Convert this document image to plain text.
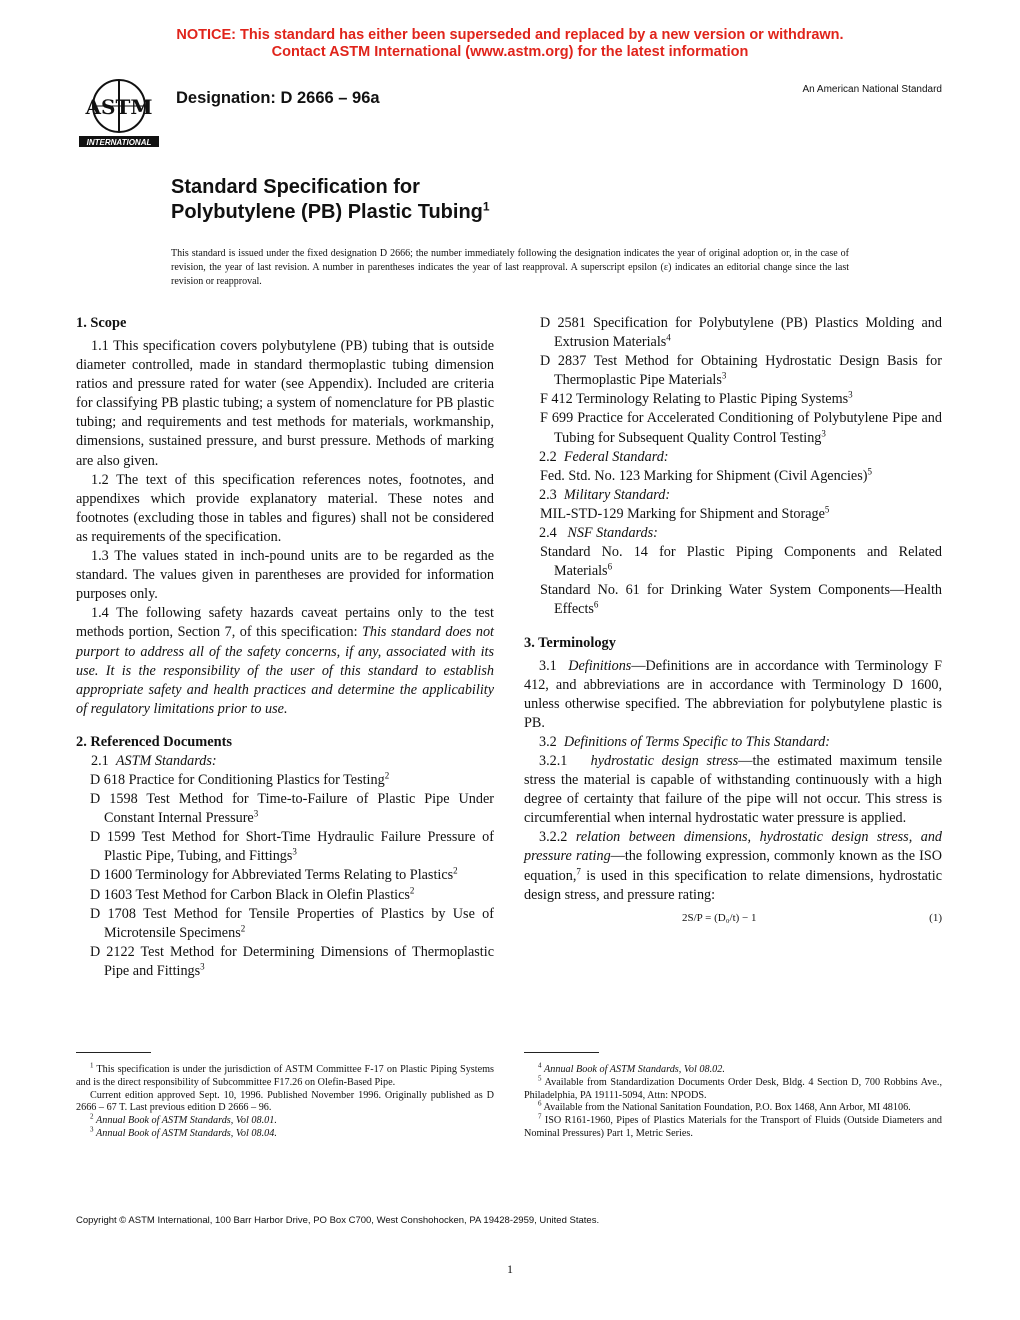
NOTICE: This standard has either been superseded and replaced by a new version or withdrawn.
Contact ASTM International (www.astm.org) for the latest information
ASTM
INTERNATIONAL
Designation: D 2666 – 96a	An American National Standard
Standard Specification for
Polybutylene (PB) Plastic Tubing$^1$
This standard is issued under the fixed designation D 2666; the number immediately following the designation indicates the year of original adoption or, in the case of revision, the year of last revision. A number in parentheses indicates the year of last reapproval. A superscript epsilon (ε) indicates an editorial change since the last revision or reapproval.
1. Scope

1.1 This specification covers polybutylene (PB) tubing that is outside diameter controlled, made in standard thermoplastic tubing dimension ratios and pressure rated for water (see Appendix). Included are criteria for classifying PB plastic tubing; a system of nomenclature for PB plastic tubing; and requirements and test methods for materials, workmanship, dimensions, sustained pressure, and burst pressure. Methods of marking are also given.

1.2 The text of this specification references notes, footnotes, and appendixes which provide explanatory material. These notes and footnotes (excluding those in tables and figures) shall not be considered as requirements of the specification.

1.3 The values stated in inch-pound units are to be regarded as the standard. The values given in parentheses are provided for information purposes only.

1.4 The following safety hazards caveat pertains only to the test methods portion, Section 7, of this specification: This standard does not purport to address all of the safety concerns, if any, associated with its use. It is the responsibility of the user of this standard to establish appropriate safety and health practices and determine the applicability of regulatory limitations prior to use.

2. Referenced Documents

2.1 ASTM Standards:

D 618 Practice for Conditioning Plastics for Testing$^2$

D 1598 Test Method for Time-to-Failure of Plastic Pipe Under Constant Internal Pressure$^3$

D 1599 Test Method for Short-Time Hydraulic Failure Pressure of Plastic Pipe, Tubing, and Fittings$^3$

D 1600 Terminology for Abbreviated Terms Relating to Plastics$^2$

D 1603 Test Method for Carbon Black in Olefin Plastics$^2$

D 1708 Test Method for Tensile Properties of Plastics by Use of Microtensile Specimens$^2$

D 2122 Test Method for Determining Dimensions of Thermoplastic Pipe and Fittings$^3$

D 2581 Specification for Polybutylene (PB) Plastics Molding and Extrusion Materials$^4$

D 2837 Test Method for Obtaining Hydrostatic Design Basis for Thermoplastic Pipe Materials$^3$

F 412 Terminology Relating to Plastic Piping Systems$^3$

F 699 Practice for Accelerated Conditioning of Polybutylene Pipe and Tubing for Subsequent Quality Control Testing$^3$

2.2 Federal Standard:

Fed. Std. No. 123 Marking for Shipment (Civil Agencies)$^5$

2.3 Military Standard:

MIL-STD-129 Marking for Shipment and Storage$^5$

2.4 NSF Standards:

Standard No. 14 for Plastic Piping Components and Related Materials$^6$

Standard No. 61 for Drinking Water System Components—Health Effects$^6$

3. Terminology

3.1 Definitions—Definitions are in accordance with Terminology F 412, and abbreviations are in accordance with Terminology D 1600, unless otherwise specified. The abbreviation for polybutylene plastic is PB.

3.2 Definitions of Terms Specific to This Standard:

3.2.1 hydrostatic design stress—the estimated maximum tensile stress the material is capable of withstanding continuously with a high degree of certainty that failure of the pipe will not occur. This stress is circumferential when internal hydrostatic water pressure is applied.

3.2.2 relation between dimensions, hydrostatic design stress, and pressure rating—the following expression, commonly known as the ISO equation,$^7$ is used in this specification to relate dimensions, hydrostatic design stress, and pressure rating:

2S/P = (D₀/t) − 1	(1)

$^1$ This specification is under the jurisdiction of ASTM Committee F-17 on Plastic Piping Systems and is the direct responsibility of Subcommittee F17.26 on Olefin-Based Pipe.

Current edition approved Sept. 10, 1996. Published November 1996. Originally published as D 2666 – 67 T. Last previous edition D 2666 – 96.

$^2$ Annual Book of ASTM Standards, Vol 08.01.

$^3$ Annual Book of ASTM Standards, Vol 08.04.

$^4$ Annual Book of ASTM Standards, Vol 08.02.

$^5$ Available from Standardization Documents Order Desk, Bldg. 4 Section D, 700 Robbins Ave., Philadelphia, PA 19111-5094, Attn: NPODS.

$^6$ Available from the National Sanitation Foundation, P.O. Box 1468, Ann Arbor, MI 48106.

$^7$ ISO R161-1960, Pipes of Plastics Materials for the Transport of Fluids (Outside Diameters and Nominal Pressures) Part 1, Metric Series.

Copyright © ASTM International, 100 Barr Harbor Drive, PO Box C700, West Conshohocken, PA 19428-2959, United States.
1
